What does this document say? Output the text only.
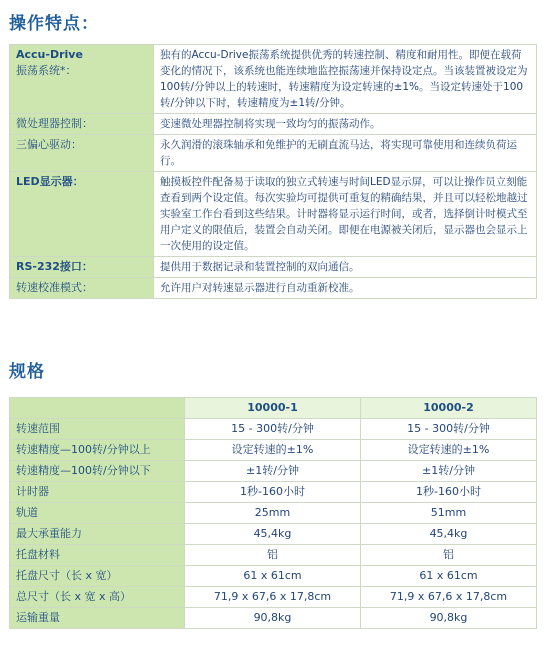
操作特点：
Accu-Drive
振荡系统*：	独有的Accu-Drive振荡系统提供优秀的转速控制、精度和耐用性。即便在载荷变化的情况下，该系统也能连续地监控振荡速并保持设定点。当该装置被设定为100转/分钟以上的转速时，转速精度为设定转速的±1%。当设定转速处于100转/分钟以下时，转速精度为±1转/分钟。
微处理器控制：	变速微处理器控制将实现一致均匀的振荡动作。
三偏心驱动：	永久润滑的滚珠轴承和免维护的无刷直流马达，将实现可靠使用和连续负荷运行。
LED显示器：	触摸板控件配备易于读取的独立式转速与时间LED显示屏，可以让操作员立刻能查看到两个设定值。每次实验均可提供可重复的精确结果，并且可以轻松地越过实验室工作台看到这些结果。计时器将显示运行时间，或者，选择倒计时模式至用户定义的限值后，装置会自动关闭。即便在电源被关闭后，显示器也会显示上一次使用的设定值。
RS-232接口：	提供用于数据记录和装置控制的双向通信。
转速校准模式：	允许用户对转速显示器进行自动重新校准。
规格
	10000-1	10000-2
转速范围	15 - 300转/分钟	15 - 300转/分钟
转速精度—100转/分钟以上	设定转速的±1%	设定转速的±1%
转速精度—100转/分钟以下	±1转/分钟	±1转/分钟
计时器	1秒-160小时	1秒-160小时
轨道	25mm	51mm
最大承重能力	45,4kg	45,4kg
托盘材料	铝	铝
托盘尺寸（长 x 宽）	61 x 61cm	61 x 61cm
总尺寸（长 x 宽 x 高）	71,9 x 67,6 x 17,8cm	71,9 x 67,6 x 17,8cm
运输重量	90,8kg	90,8kg
